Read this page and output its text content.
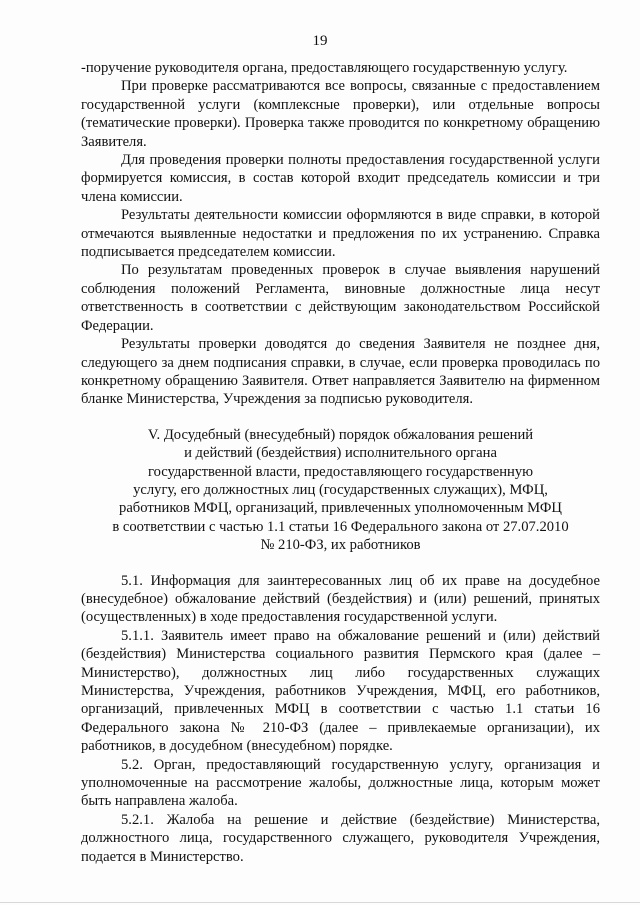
19

-поручение руководителя органа, предоставляющего государственную услугу.

При проверке рассматриваются все вопросы, связанные с предоставлением государственной услуги (комплексные проверки), или отдельные вопросы (тематические проверки). Проверка также проводится по конкретному обращению Заявителя.

Для проведения проверки полноты предоставления государственной услуги формируется комиссия, в состав которой входит председатель комиссии и три члена комиссии.

Результаты деятельности комиссии оформляются в виде справки, в которой отмечаются выявленные недостатки и предложения по их устранению. Справка подписывается председателем комиссии.

По результатам проведенных проверок в случае выявления нарушений соблюдения положений Регламента, виновные должностные лица несут ответственность в соответствии с действующим законодательством Российской Федерации.

Результаты проверки доводятся до сведения Заявителя не позднее дня, следующего за днем подписания справки, в случае, если проверка проводилась по конкретному обращению Заявителя. Ответ направляется Заявителю на фирменном бланке Министерства, Учреждения за подписью руководителя.

V. Досудебный (внесудебный) порядок обжалования решений
и действий (бездействия) исполнительного органа
государственной власти, предоставляющего государственную
услугу, его должностных лиц (государственных служащих), МФЦ,
работников МФЦ, организаций, привлеченных уполномоченным МФЦ
в соответствии с частью 1.1 статьи 16 Федерального закона от 27.07.2010
№ 210-ФЗ, их работников

5.1. Информация для заинтересованных лиц об их праве на досудебное (внесудебное) обжалование действий (бездействия) и (или) решений, принятых (осуществленных) в ходе предоставления государственной услуги.

5.1.1. Заявитель имеет право на обжалование решений и (или) действий (бездействия) Министерства социального развития Пермского края (далее – Министерство), должностных лиц либо государственных служащих Министерства, Учреждения, работников Учреждения, МФЦ, его работников, организаций, привлеченных МФЦ в соответствии с частью 1.1 статьи 16 Федерального закона № 210-ФЗ (далее – привлекаемые организации), их работников, в досудебном (внесудебном) порядке.

5.2. Орган, предоставляющий государственную услугу, организация и уполномоченные на рассмотрение жалобы, должностные лица, которым может быть направлена жалоба.

5.2.1. Жалоба на решение и действие (бездействие) Министерства, должностного лица, государственного служащего, руководителя Учреждения, подается в Министерство.
